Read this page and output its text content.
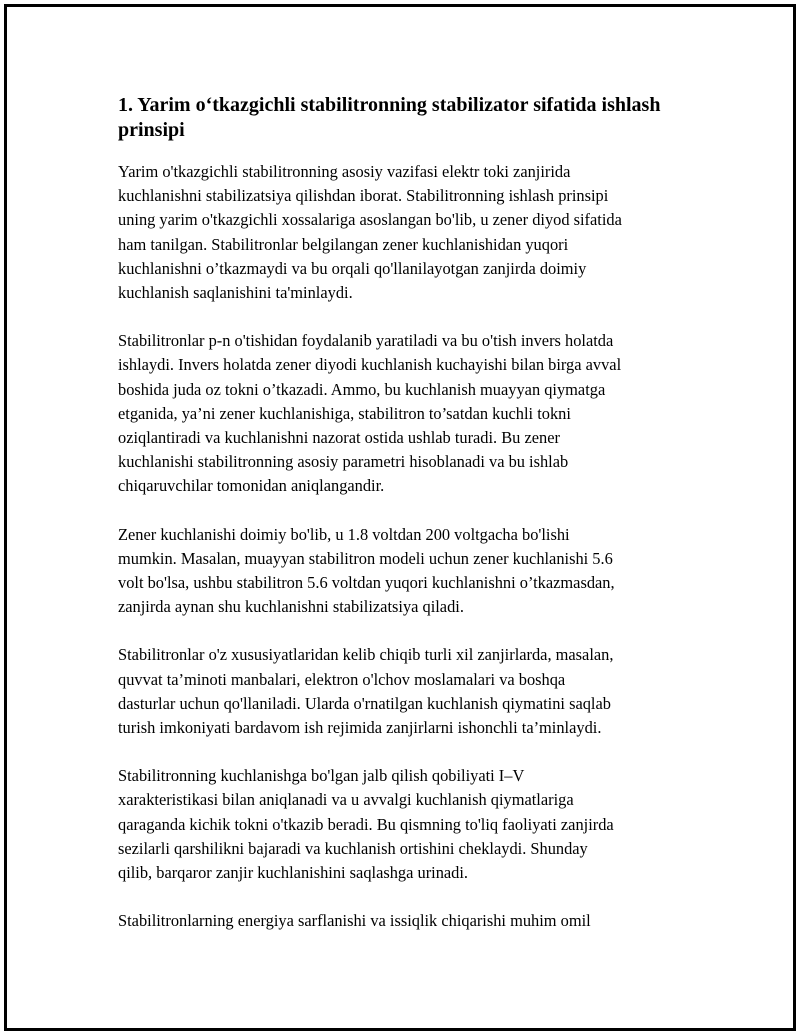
1. Yarim o‘tkazgichli stabilitronning stabilizator sifatida ishlash prinsipi
Yarim o'tkazgichli stabilitronning asosiy vazifasi elektr toki zanjirida
kuchlanishni stabilizatsiya qilishdan iborat. Stabilitronning ishlash prinsipi
uning yarim o'tkazgichli xossalariga asoslangan bo'lib, u zener diyod sifatida
ham tanilgan. Stabilitronlar belgilangan zener kuchlanishidan yuqori
kuchlanishni o’tkazmaydi va bu orqali qo'llanilayotgan zanjirda doimiy
kuchlanish saqlanishini ta'minlaydi.
Stabilitronlar p-n o'tishidan foydalanib yaratiladi va bu o'tish invers holatda
ishlaydi. Invers holatda zener diyodi kuchlanish kuchayishi bilan birga avval
boshida juda oz tokni o’tkazadi. Ammo, bu kuchlanish muayyan qiymatga
etganida, ya’ni zener kuchlanishiga, stabilitron to’satdan kuchli tokni
oziqlantiradi va kuchlanishni nazorat ostida ushlab turadi. Bu zener
kuchlanishi stabilitronning asosiy parametri hisoblanadi va bu ishlab
chiqaruvchilar tomonidan aniqlangandir.
Zener kuchlanishi doimiy bo'lib, u 1.8 voltdan 200 voltgacha bo'lishi
mumkin. Masalan, muayyan stabilitron modeli uchun zener kuchlanishi 5.6
volt bo'lsa, ushbu stabilitron 5.6 voltdan yuqori kuchlanishni o’tkazmasdan,
zanjirda aynan shu kuchlanishni stabilizatsiya qiladi.
Stabilitronlar o'z xususiyatlaridan kelib chiqib turli xil zanjirlarda, masalan,
quvvat ta’minoti manbalari, elektron o'lchov moslamalari va boshqa
dasturlar uchun qo'llaniladi. Ularda o'rnatilgan kuchlanish qiymatini saqlab
turish imkoniyati bardavom ish rejimida zanjirlarni ishonchli ta’minlaydi.
Stabilitronning kuchlanishga bo'lgan jalb qilish qobiliyati I–V
xarakteristikasi bilan aniqlanadi va u avvalgi kuchlanish qiymatlariga
qaraganda kichik tokni o'tkazib beradi. Bu qismning to'liq faoliyati zanjirda
sezilarli qarshilikni bajaradi va kuchlanish ortishini cheklaydi. Shunday
qilib, barqaror zanjir kuchlanishini saqlashga urinadi.
Stabilitronlarning energiya sarflanishi va issiqlik chiqarishi muhim omil
